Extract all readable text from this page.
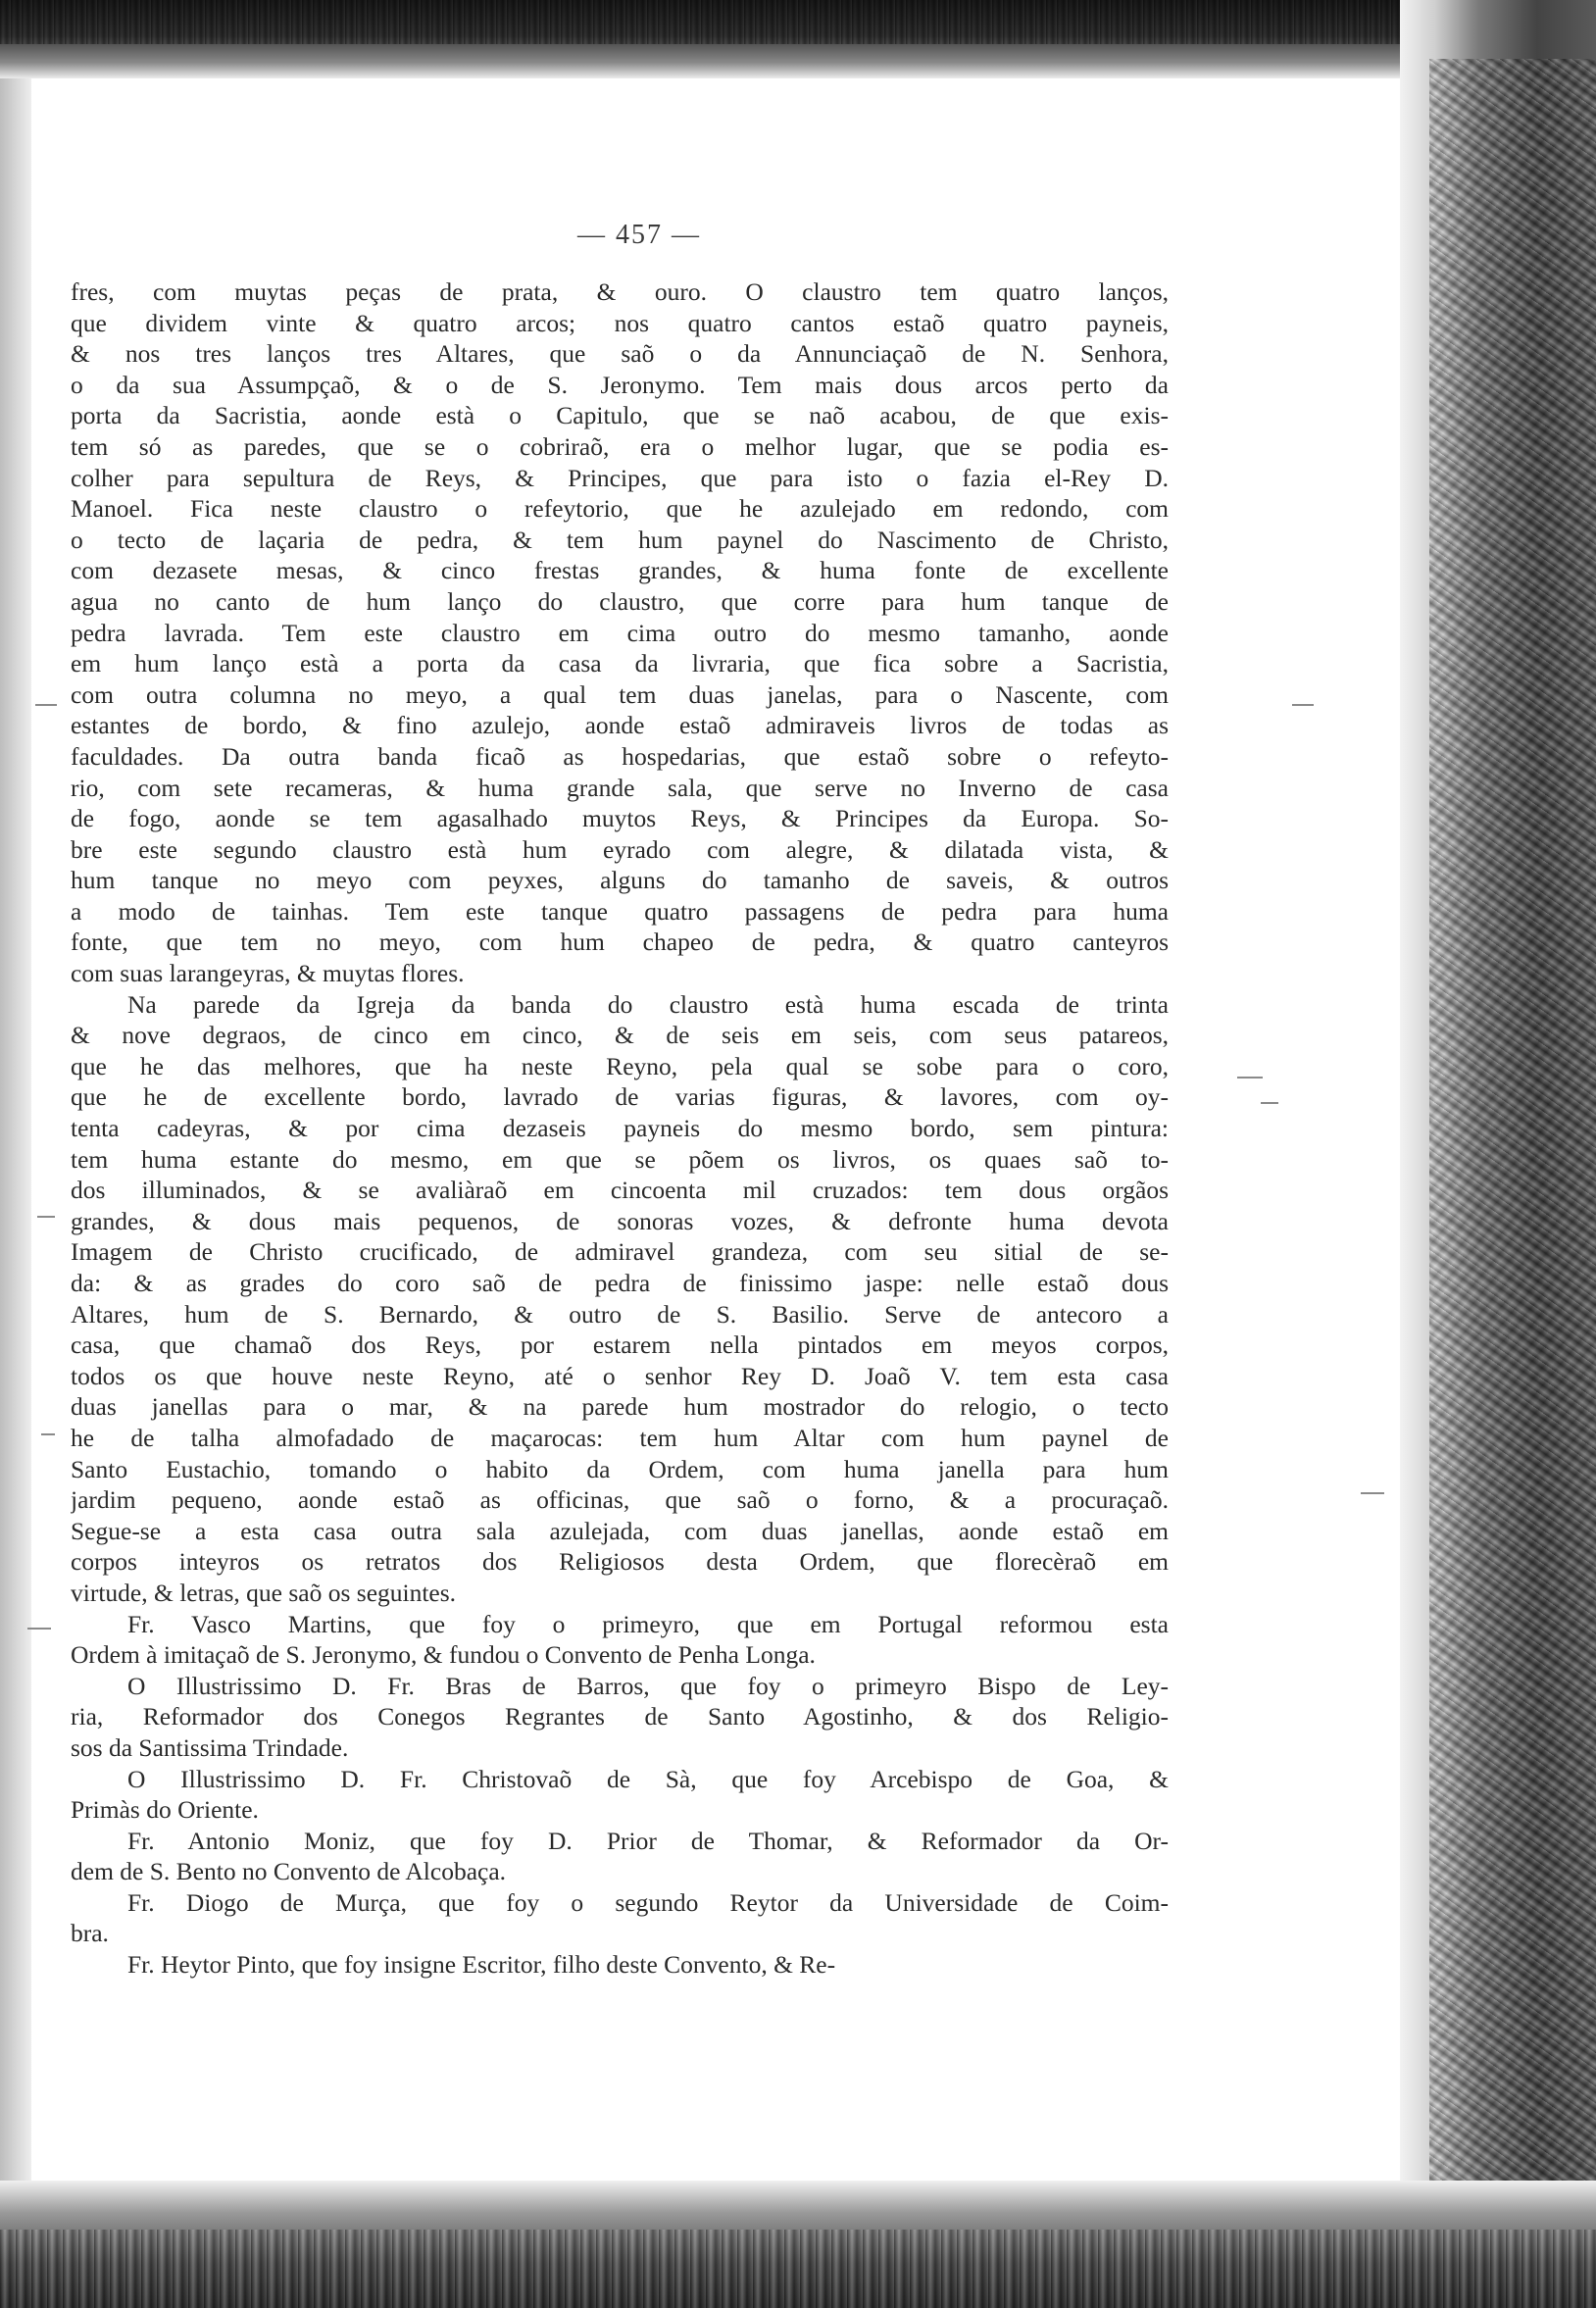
— 457 —
fres, com muytas peças de prata, & ouro. O claustro tem quatro lanços,
que dividem vinte & quatro arcos; nos quatro cantos estaõ quatro payneis,
& nos tres lanços tres Altares, que saõ o da Annunciaçaõ de N. Senhora,
o da sua Assumpçaõ, & o de S. Jeronymo. Tem mais dous arcos perto da
porta da Sacristia, aonde està o Capitulo, que se naõ acabou, de que exis-
tem só as paredes, que se o cobriraõ, era o melhor lugar, que se podia es-
colher para sepultura de Reys, & Principes, que para isto o fazia el-Rey D.
Manoel. Fica neste claustro o refeytorio, que he azulejado em redondo, com
o tecto de laçaria de pedra, & tem hum paynel do Nascimento de Christo,
com dezasete mesas, & cinco frestas grandes, & huma fonte de excellente
agua no canto de hum lanço do claustro, que corre para hum tanque de
pedra lavrada. Tem este claustro em cima outro do mesmo tamanho, aonde
em hum lanço està a porta da casa da livraria, que fica sobre a Sacristia,
com outra columna no meyo, a qual tem duas janelas, para o Nascente, com
estantes de bordo, & fino azulejo, aonde estaõ admiraveis livros de todas as
faculdades. Da outra banda ficaõ as hospedarias, que estaõ sobre o refeyto-
rio, com sete recameras, & huma grande sala, que serve no Inverno de casa
de fogo, aonde se tem agasalhado muytos Reys, & Principes da Europa. So-
bre este segundo claustro està hum eyrado com alegre, & dilatada vista, &
hum tanque no meyo com peyxes, alguns do tamanho de saveis, & outros
a modo de tainhas. Tem este tanque quatro passagens de pedra para huma
fonte, que tem no meyo, com hum chapeo de pedra, & quatro canteyros
com suas larangeyras, & muytas flores.
Na parede da Igreja da banda do claustro està huma escada de trinta
& nove degraos, de cinco em cinco, & de seis em seis, com seus patareos,
que he das melhores, que ha neste Reyno, pela qual se sobe para o coro,
que he de excellente bordo, lavrado de varias figuras, & lavores, com oy-
tenta cadeyras, & por cima dezaseis payneis do mesmo bordo, sem pintura:
tem huma estante do mesmo, em que se põem os livros, os quaes saõ to-
dos illuminados, & se avaliàraõ em cincoenta mil cruzados: tem dous orgãos
grandes, & dous mais pequenos, de sonoras vozes, & defronte huma devota
Imagem de Christo crucificado, de admiravel grandeza, com seu sitial de se-
da: & as grades do coro saõ de pedra de finissimo jaspe: nelle estaõ dous
Altares, hum de S. Bernardo, & outro de S. Basilio. Serve de antecoro a
casa, que chamaõ dos Reys, por estarem nella pintados em meyos corpos,
todos os que houve neste Reyno, até o senhor Rey D. Joaõ V. tem esta casa
duas janellas para o mar, & na parede hum mostrador do relogio, o tecto
he de talha almofadado de maçarocas: tem hum Altar com hum paynel de
Santo Eustachio, tomando o habito da Ordem, com huma janella para hum
jardim pequeno, aonde estaõ as officinas, que saõ o forno, & a procuraçaõ.
Segue-se a esta casa outra sala azulejada, com duas janellas, aonde estaõ em
corpos inteyros os retratos dos Religiosos desta Ordem, que florecèraõ em
virtude, & letras, que saõ os seguintes.
Fr. Vasco Martins, que foy o primeyro, que em Portugal reformou esta
Ordem à imitaçaõ de S. Jeronymo, & fundou o Convento de Penha Longa.
O Illustrissimo D. Fr. Bras de Barros, que foy o primeyro Bispo de Ley-
ria, Reformador dos Conegos Regrantes de Santo Agostinho, & dos Religio-
sos da Santissima Trindade.
O Illustrissimo D. Fr. Christovaõ de Sà, que foy Arcebispo de Goa, &
Primàs do Oriente.
Fr. Antonio Moniz, que foy D. Prior de Thomar, & Reformador da Or-
dem de S. Bento no Convento de Alcobaça.
Fr. Diogo de Murça, que foy o segundo Reytor da Universidade de Coim-
bra.
Fr. Heytor Pinto, que foy insigne Escritor, filho deste Convento, & Re-
